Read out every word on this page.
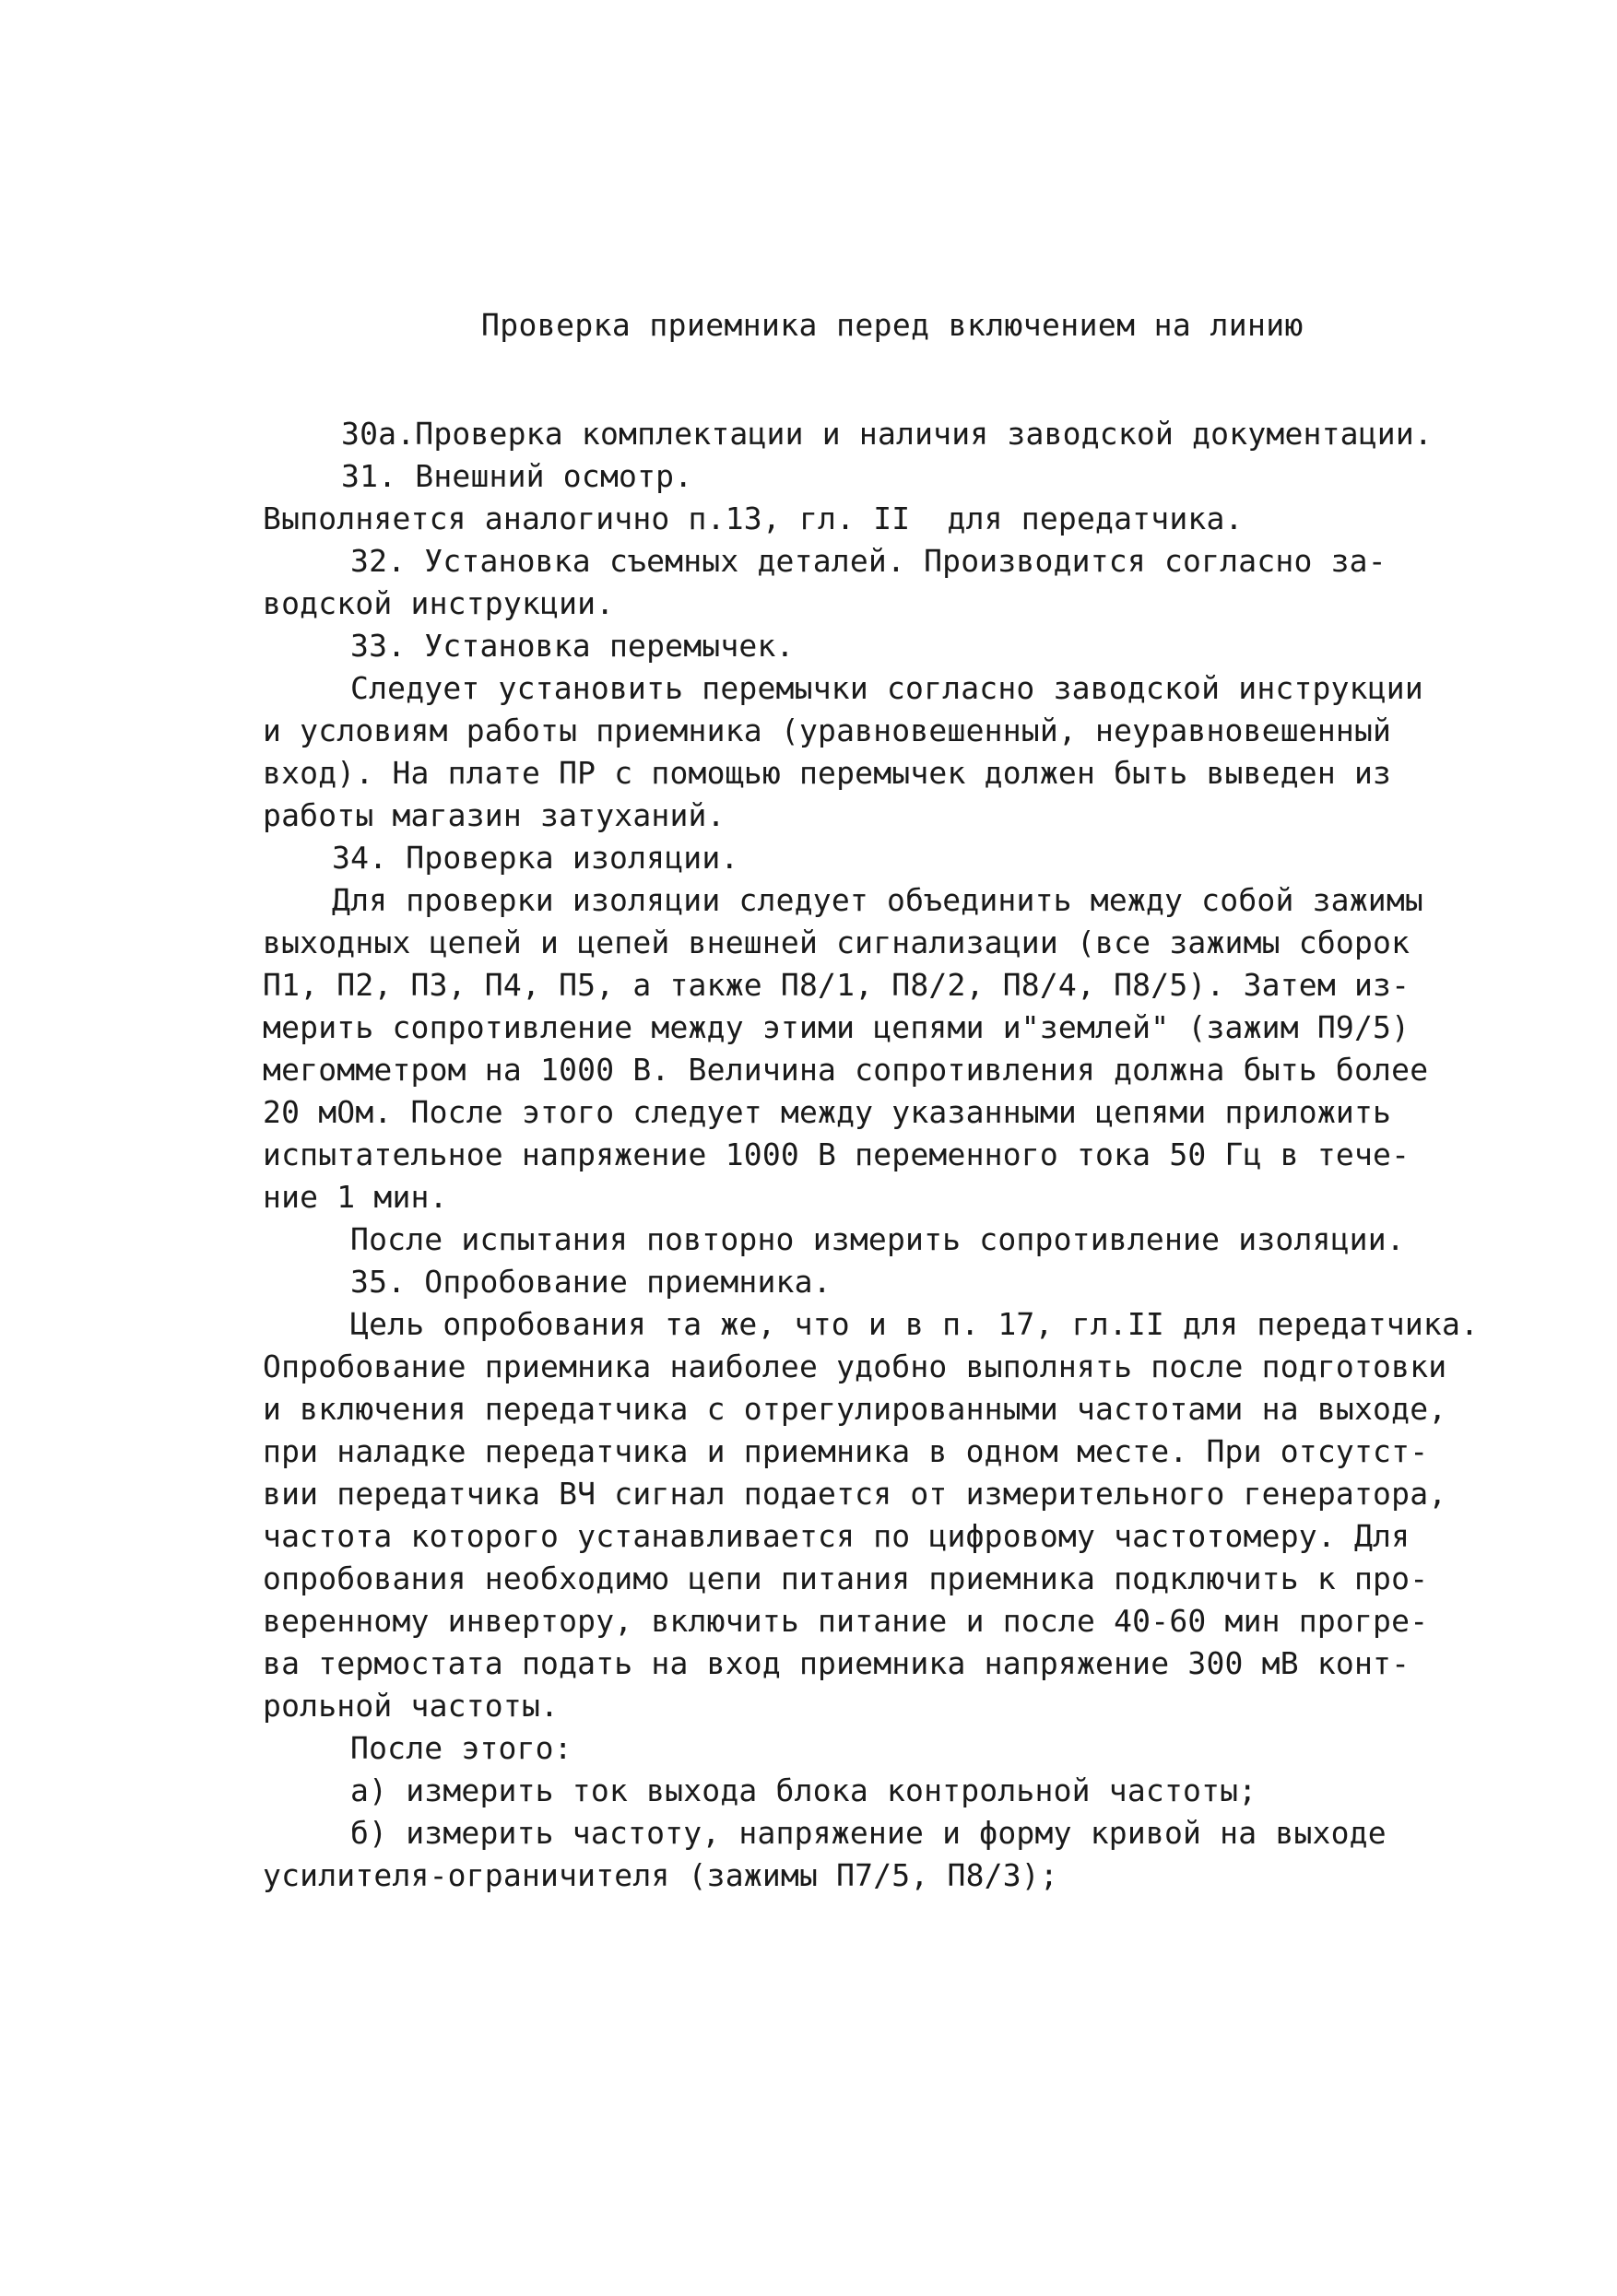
Проверка приемника перед включением на линию
30а.Проверка комплектации и наличия заводской документации.
31. Внешний осмотр.
Выполняется аналогично п.13, гл. II  для передатчика.
32. Установка съемных деталей. Производится согласно за-
водской инструкции.
33. Установка перемычек.
Следует установить перемычки согласно заводской инструкции
и условиям работы приемника (уравновешенный, неуравновешенный
вход). На плате ПР с помощью перемычек должен быть выведен из
работы магазин затуханий.
34. Проверка изоляции.
Для проверки изоляции следует объединить между собой зажимы
выходных цепей и цепей внешней сигнализации (все зажимы сборок
П1, П2, П3, П4, П5, а также П8/1, П8/2, П8/4, П8/5). Затем из-
мерить сопротивление между этими цепями и"землей" (зажим П9/5)
мегомметром на 1000 В. Величина сопротивления должна быть более
20 мОм. После этого следует между указанными цепями приложить
испытательное напряжение 1000 В переменного тока 50 Гц в тече-
ние 1 мин.
После испытания повторно измерить сопротивление изоляции.
35. Опробование приемника.
Цель опробования та же, что и в п. 17, гл.II для передатчика.
Опробование приемника наиболее удобно выполнять после подготовки
и включения передатчика с отрегулированными частотами на выходе,
при наладке передатчика и приемника в одном месте. При отсутст-
вии передатчика ВЧ сигнал подается от измерительного генератора,
частота которого устанавливается по цифровому частотомеру. Для
опробования необходимо цепи питания приемника подключить к про-
веренному инвертору, включить питание и после 40-60 мин прогре-
ва термостата подать на вход приемника напряжение 300 мВ конт-
рольной частоты.
После этого:
а) измерить ток выхода блока контрольной частоты;
б) измерить частоту, напряжение и форму кривой на выходе
усилителя-ограничителя (зажимы П7/5, П8/3);
